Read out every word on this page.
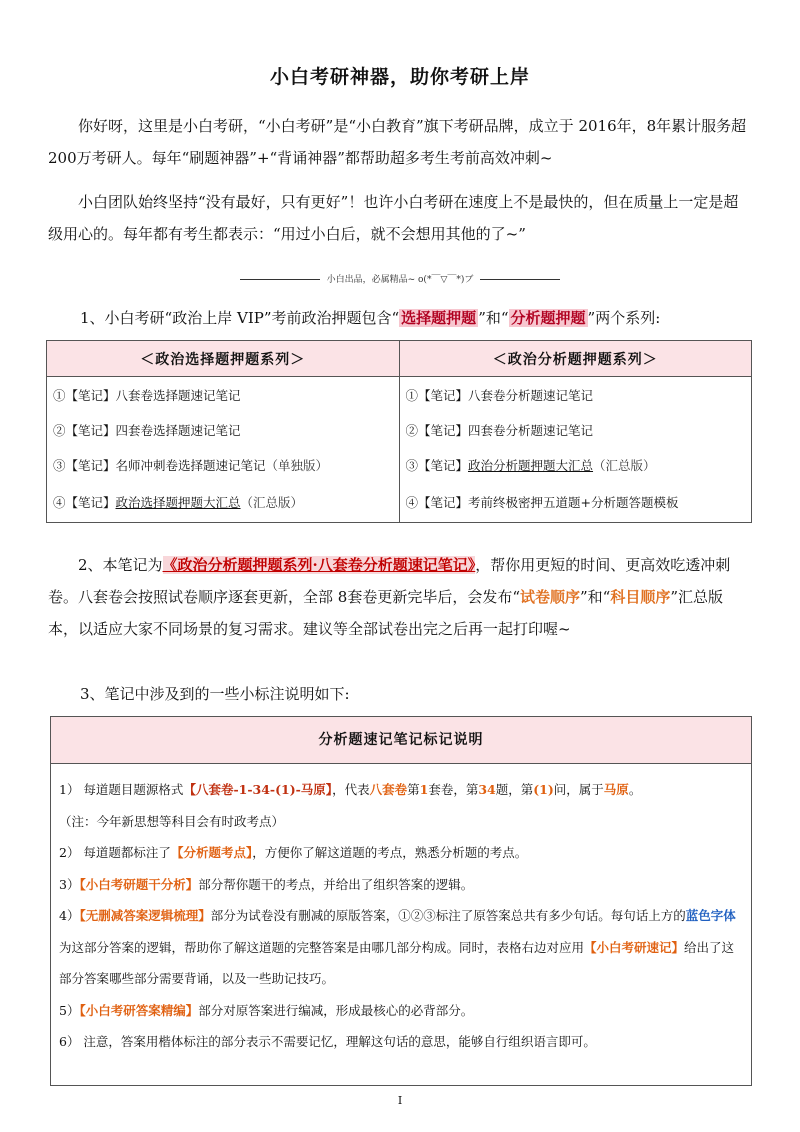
小白考研神器，助你考研上岸
你好呀，这里是小白考研，“小白考研”是“小白教育”旗下考研品牌，成立于 2016年，8年累计服务超 200万考研人。每年“刷题神器”+“背诵神器”都帮助超多考生考前高效冲刺~
小白团队始终坚持“没有最好，只有更好”！也许小白考研在速度上不是最快的，但在质量上一定是超级用心的。每年都有考生都表示：“用过小白后，就不会想用其他的了~”
小白出品，必属精品~ o(*￣▽￣*)ブ
1、小白考研“政治上岸 VIP”考前政治押题包含“ 选择题押题 ”和“ 分析题押题 ”两个系列:
＜政治选择题押题系列＞	＜政治分析题押题系列＞
①【笔记】八套卷选择题速记笔记	①【笔记】八套卷分析题速记笔记
②【笔记】四套卷选择题速记笔记	②【笔记】四套卷分析题速记笔记
③【笔记】名师冲刺卷选择题速记笔记（单独版）	③【笔记】政治分析题押题大汇总（汇总版）
④【笔记】政治选择题押题大汇总（汇总版）	④【笔记】考前终极密押五道题+分析题答题模板
2、本笔记为《政治分析题押题系列·八套卷分析题速记笔记》，帮你用更短的时间、更高效吃透冲刺卷。八套卷会按照试卷顺序逐套更新，全部 8套卷更新完毕后，会发布“试卷顺序”和“科目顺序”汇总版本，以适应大家不同场景的复习需求。建议等全部试卷出完之后再一起打印喔~
3、笔记中涉及到的一些小标注说明如下:
分析题速记笔记标记说明
1） 每道题目题源格式【八套卷-1-34-(1)-马原】，代表八套卷第1套卷，第34题，第(1)问，属于马原。
（注：今年新思想等科目会有时政考点）
2） 每道题都标注了【分析题考点】，方便你了解这道题的考点，熟悉分析题的考点。
3）【小白考研题干分析】部分帮你题干的考点，并给出了组织答案的逻辑。
4）【无删减答案逻辑梳理】部分为试卷没有删减的原版答案，①②③标注了原答案总共有多少句话。每句话上方的蓝色字体为这部分答案的逻辑，帮助你了解这道题的完整答案是由哪几部分构成。同时，表格右边对应用【小白考研速记】给出了这部分答案哪些部分需要背诵，以及一些助记技巧。
5）【小白考研答案精编】部分对原答案进行编减，形成最核心的必背部分。
6） 注意，答案用楷体标注的部分表示不需要记忆，理解这句话的意思，能够自行组织语言即可。
I
